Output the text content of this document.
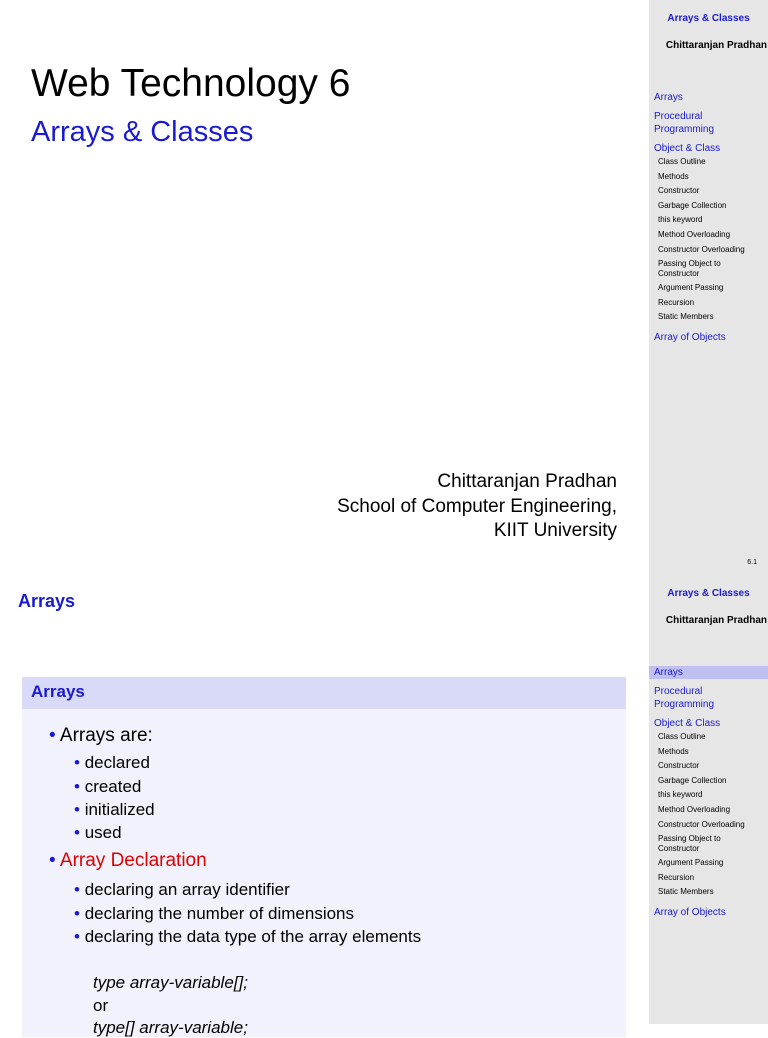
Arrays & Classes
Chittaranjan Pradhan
Arrays
Procedural Programming
Object & Class
Class Outline
Methods
Constructor
Garbage Collection
this keyword
Method Overloading
Constructor Overloading
Passing Object to Constructor
Argument Passing
Recursion
Static Members
Array of Objects
6.1
Web Technology 6
Arrays & Classes
Chittaranjan Pradhan
School of Computer Engineering,
KIIT University
Arrays & Classes
Chittaranjan Pradhan
Arrays
Procedural Programming
Object & Class
Class Outline
Methods
Constructor
Garbage Collection
this keyword
Method Overloading
Constructor Overloading
Passing Object to Constructor
Argument Passing
Recursion
Static Members
Array of Objects
Arrays
Arrays
• Arrays are:
• declared
• created
• initialized
• used
• Array Declaration
• declaring an array identifier
• declaring the number of dimensions
• declaring the data type of the array elements
type array-variable[];
or
type[] array-variable;
